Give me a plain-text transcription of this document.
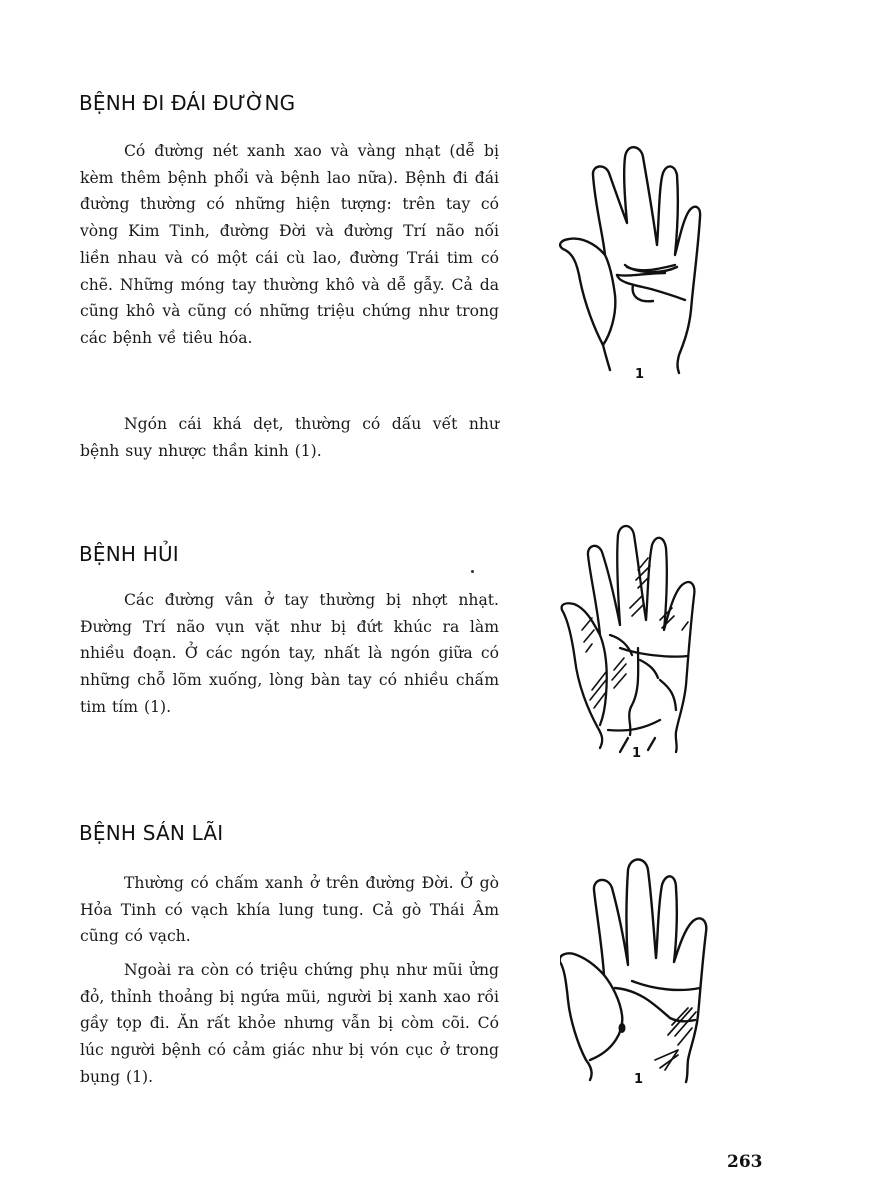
BỆNH ĐI ĐÁI ĐƯỜNG

Có đường nét xanh xao và vàng nhạt (dễ bị kèm thêm bệnh phổi và bệnh lao nữa). Bệnh đi đái đường thường có những hiện tượng: trên tay có vòng Kim Tinh, đường Đời và đường Trí não nối liền nhau và có một cái cù lao, đường Trái tim có chẽ. Những móng tay thường khô và dễ gẫy. Cả da cũng khô và cũng có những triệu chứng như trong các bệnh về tiêu hóa.

Ngón cái khá dẹt, thường có dấu vết như bệnh suy nhược thần kinh (1).

1
BỆNH HỦI

Các đường vân ở tay thường bị nhợt nhạt. Đường Trí não vụn vặt như bị đứt khúc ra làm nhiều đoạn. Ở các ngón tay, nhất là ngón giữa có những chỗ lõm xuống, lòng bàn tay có nhiều chấm tim tím (1).

1
BỆNH SÁN LÃI

Thường có chấm xanh ở trên đường Đời. Ở gò Hỏa Tinh có vạch khía lung tung. Cả gò Thái Âm cũng có vạch.

Ngoài ra còn có triệu chứng phụ như mũi ửng đỏ, thỉnh thoảng bị ngứa mũi, người bị xanh xao rồi gầy tọp đi. Ăn rất khỏe nhưng vẫn bị còm cõi. Có lúc người bệnh có cảm giác như bị vón cục ở trong bụng (1).	1
263
